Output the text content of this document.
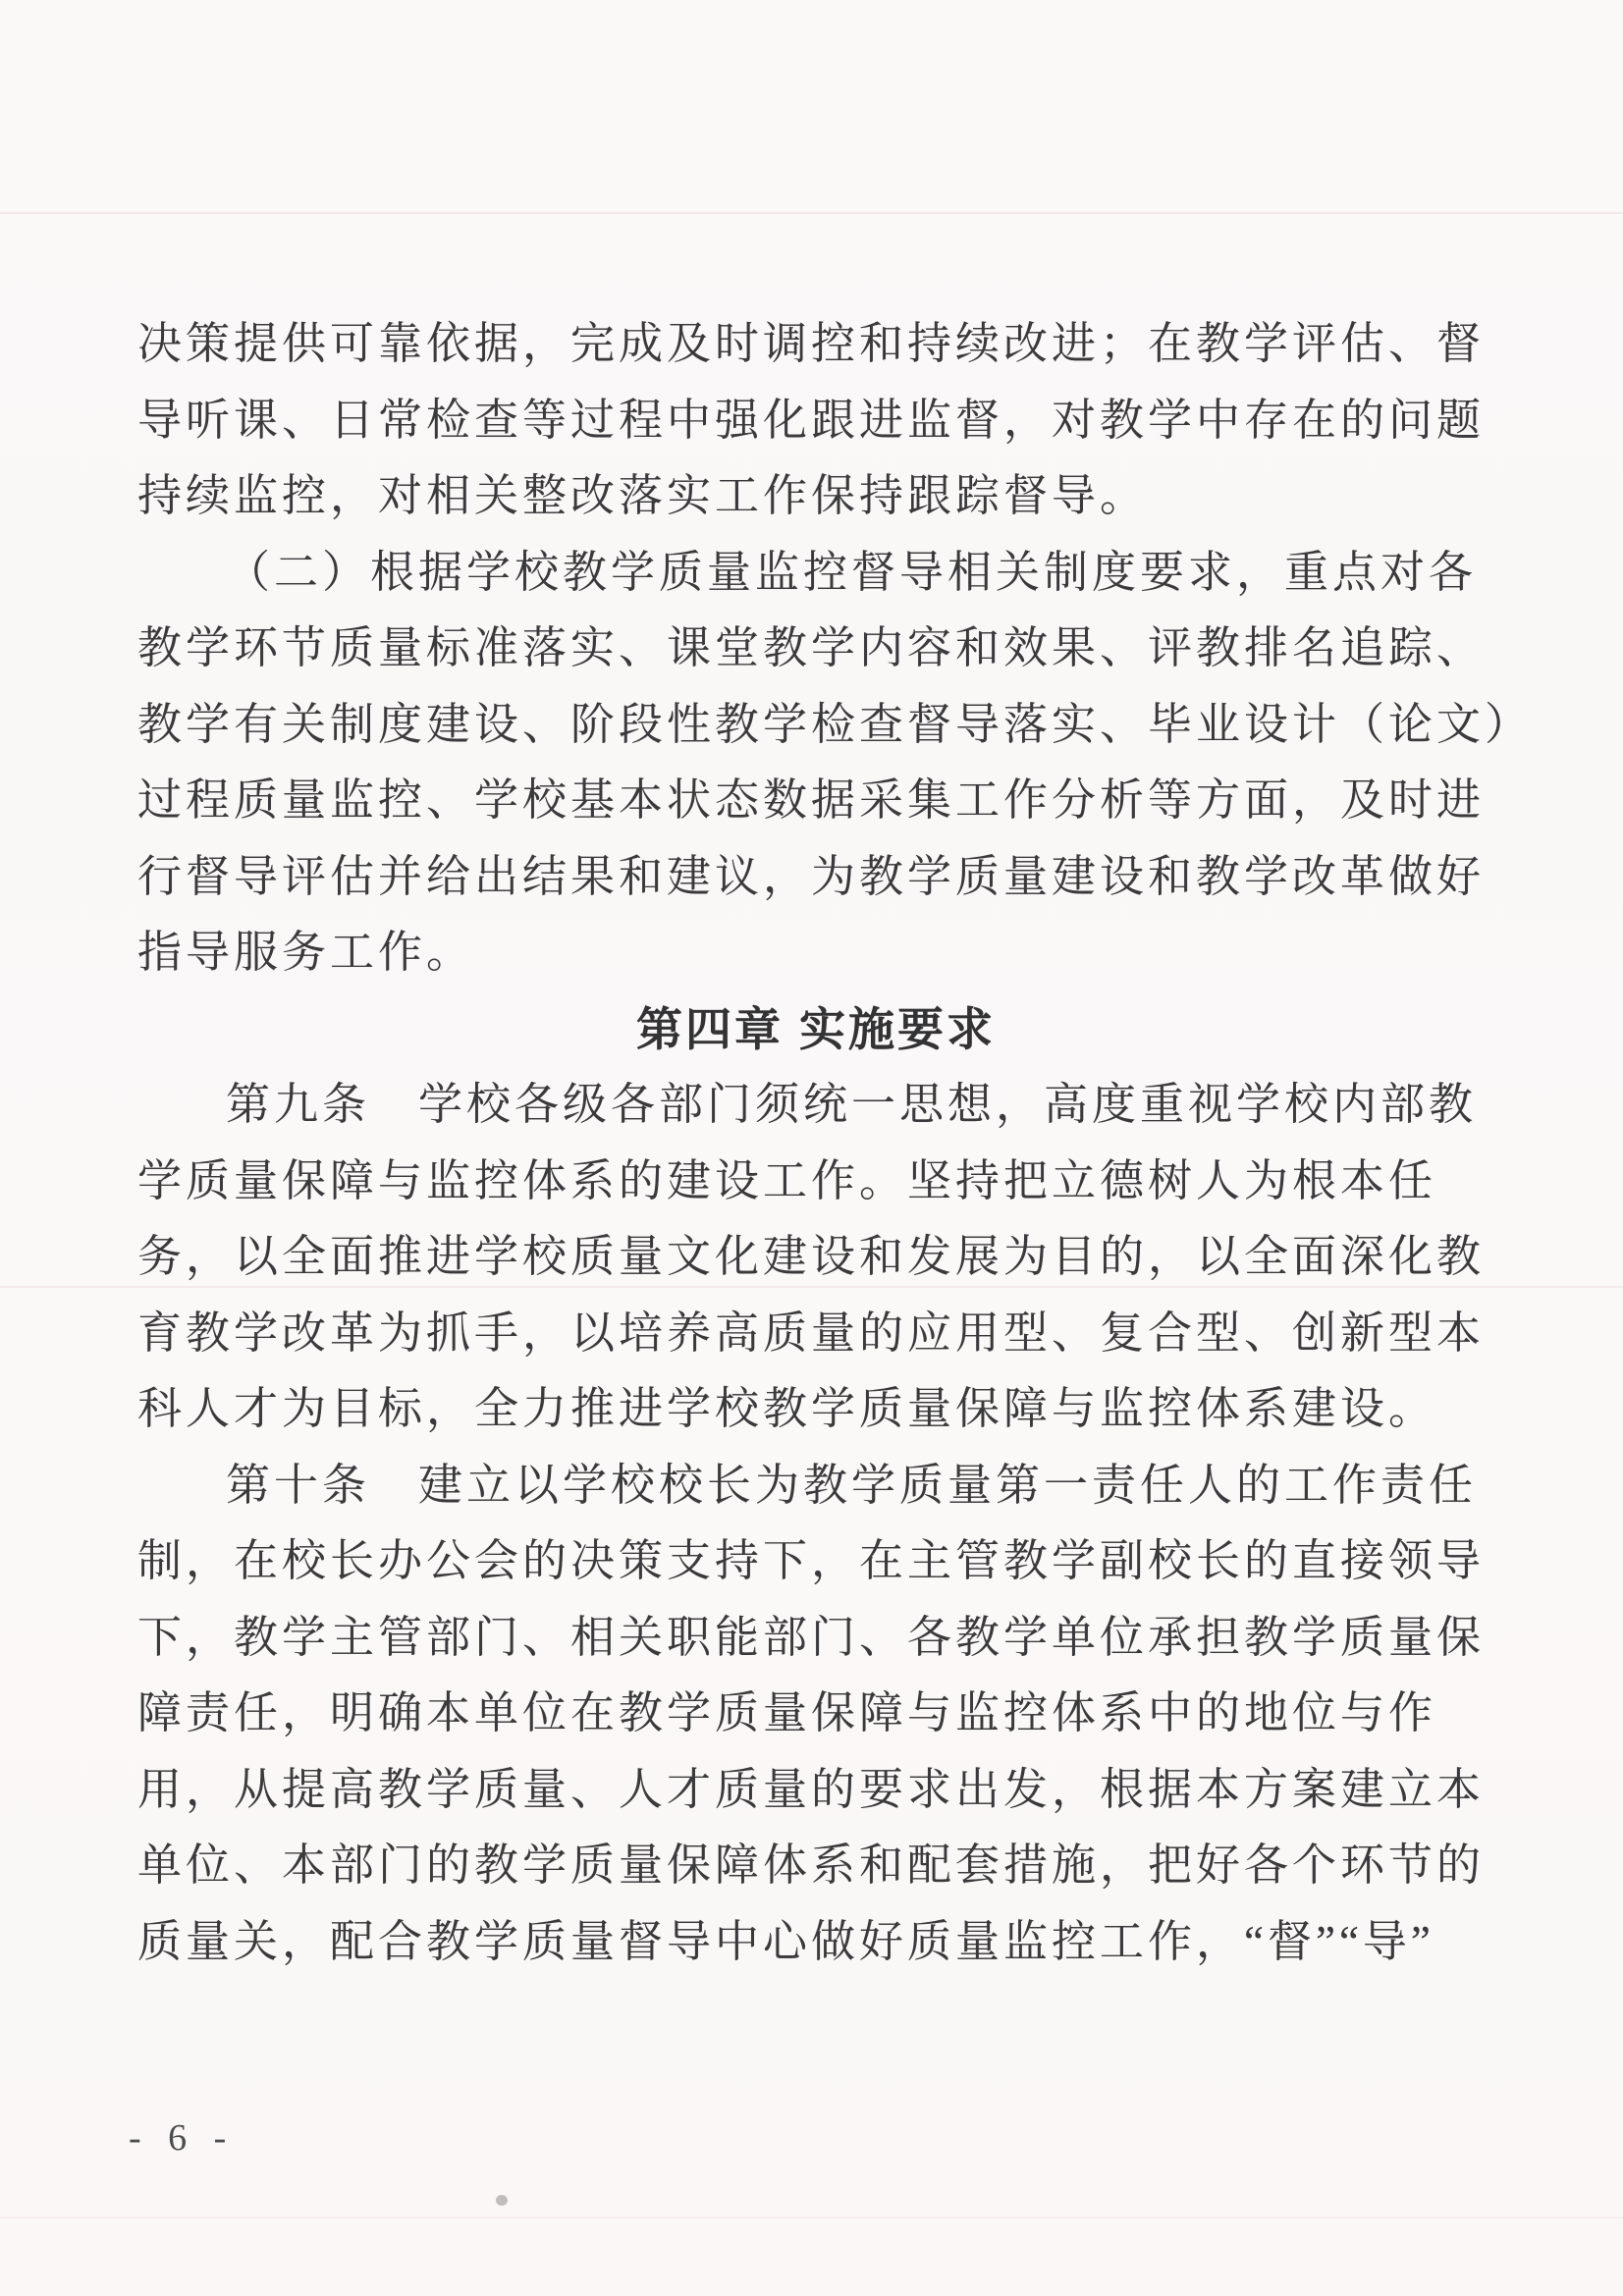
决策提供可靠依据，完成及时调控和持续改进；在教学评估、督
导听课、日常检查等过程中强化跟进监督，对教学中存在的问题
持续监控，对相关整改落实工作保持跟踪督导。
（二）根据学校教学质量监控督导相关制度要求，重点对各
教学环节质量标准落实、课堂教学内容和效果、评教排名追踪、
教学有关制度建设、阶段性教学检查督导落实、毕业设计（论文）
过程质量监控、学校基本状态数据采集工作分析等方面，及时进
行督导评估并给出结果和建议，为教学质量建设和教学改革做好
指导服务工作。
第四章 实施要求
第九条　学校各级各部门须统一思想，高度重视学校内部教
学质量保障与监控体系的建设工作。坚持把立德树人为根本任
务，以全面推进学校质量文化建设和发展为目的，以全面深化教
育教学改革为抓手，以培养高质量的应用型、复合型、创新型本
科人才为目标，全力推进学校教学质量保障与监控体系建设。
第十条　建立以学校校长为教学质量第一责任人的工作责任
制，在校长办公会的决策支持下，在主管教学副校长的直接领导
下，教学主管部门、相关职能部门、各教学单位承担教学质量保
障责任，明确本单位在教学质量保障与监控体系中的地位与作
用，从提高教学质量、人才质量的要求出发，根据本方案建立本
单位、本部门的教学质量保障体系和配套措施，把好各个环节的
质量关，配合教学质量督导中心做好质量监控工作，“督”“导”
- 6 -
